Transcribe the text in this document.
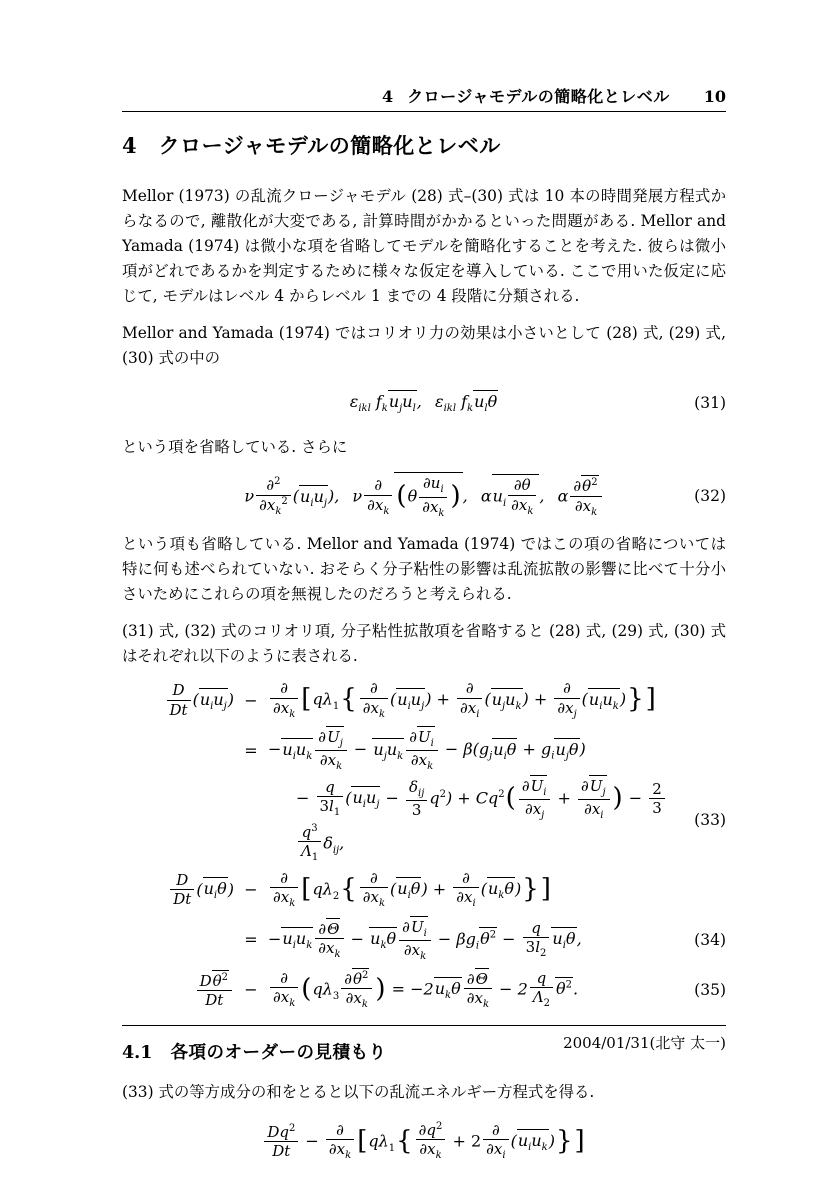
4 クロージャモデルの簡略化とレベル 10
4 クロージャモデルの簡略化とレベル

Mellor (1973) の乱流クロージャモデル (28) 式–(30) 式は 10 本の時間発展方程式からなるので, 離散化が大変である, 計算時間がかかるといった問題がある. Mellor and Yamada (1974) は微小な項を省略してモデルを簡略化することを考えた. 彼らは微小項がどれであるかを判定するために様々な仮定を導入している. ここで用いた仮定に応じて, モデルはレベル 4 からレベル 1 までの 4 段階に分類される.

Mellor and Yamada (1974) ではコリオリ力の効果は小さいとして (28) 式, (29) 式, (30) 式の中の

$\varepsilon_{ikl}$ $f_ku_ju_l$,  $\varepsilon_{ikl}$ $f_ku_l\theta$	(31)

という項を省略している. さらに

ν $\frac{\partial^2}{\partial x_k^2} (u_iu_j)$,  ν
∂
$\partial x_k$ ($\theta \frac{\partial u_i}{\partial x_k}$ ) ,  $\alpha u_i \frac{\partial\theta}{\partial x_k}$ ,  α $\frac{\partial\theta^2}{\partial x_k}$	(32)

という項も省略している. Mellor and Yamada (1974) ではこの項の省略については特に何も述べられていない. おそらく分子粘性の影響は乱流拡散の影響に比べて十分小さいためにこれらの項を無視したのだろうと考えられる.

(31) 式, (32) 式のコリオリ項, 分子粘性拡散項を省略すると (28) 式, (29) 式, (30) 式はそれぞれ以下のように表される.

$\frac{D}{Dt} (u_iu_j)$ −
∂
$\partial x_k$ [$q\lambda_1${ ∂
$\partial x_k$
$(u_iu_j)$ +
∂
$\partial x_i$
$(u_ju_k)$ +
∂
$\partial x_j$
$(u_iu_k)$}]
= $-u_iu_k \frac{\partial U_j}{\partial x_k} - u_ju_k \frac{\partial U_i}{\partial x_k} - \beta(g_ju_i\theta + g_iu_j\theta)$
− $\frac{q}{3l_1} (u_iu_j$ −
$\delta_{ij}$
3
$q^2) + Cq^2( \frac{\partial U_i}{\partial x_j} + \frac{\partial U_j}{\partial x_i}$ ) − $\frac{2}{3}$
$\frac{q^3}{\Lambda_1} \delta_{ij}$,
(33)
$\frac{D}{Dt} (u_i\theta)$ −
∂
$\partial x_k$ [$q\lambda_2${ ∂
$\partial x_k$
$(u_i\theta)$ +
∂
$\partial x_i$
$(u_k\theta)$}]
= $-u_iu_k \frac{\partial\Theta}{\partial x_k} - u_k\theta \frac{\partial U_i}{\partial x_k} - \beta g_i\theta^2 - \frac{q}{3l_2} u_i\theta$,	(34)
$\frac{D\theta^2}{Dt}$ −
∂
$\partial x_k$ ($q\lambda_3 \frac{\partial\theta^2}{\partial x_k}$ ) = $-2u_k\theta \frac{\partial\Theta}{\partial x_k} - 2 \frac{q}{\Lambda_2} \theta^2$.	(35)
4.1 各項のオーダーの見積もり

(33) 式の等方成分の和をとると以下の乱流エネルギー方程式を得る.

$\frac{Dq^2}{Dt}$ −
∂
$\partial x_k$ [$q\lambda_1\{ \frac{\partial q^2}{\partial x_k} + 2$
∂
$\partial x_i$
$(u_iu_k)$}]
2004/01/31(北守 太一)
